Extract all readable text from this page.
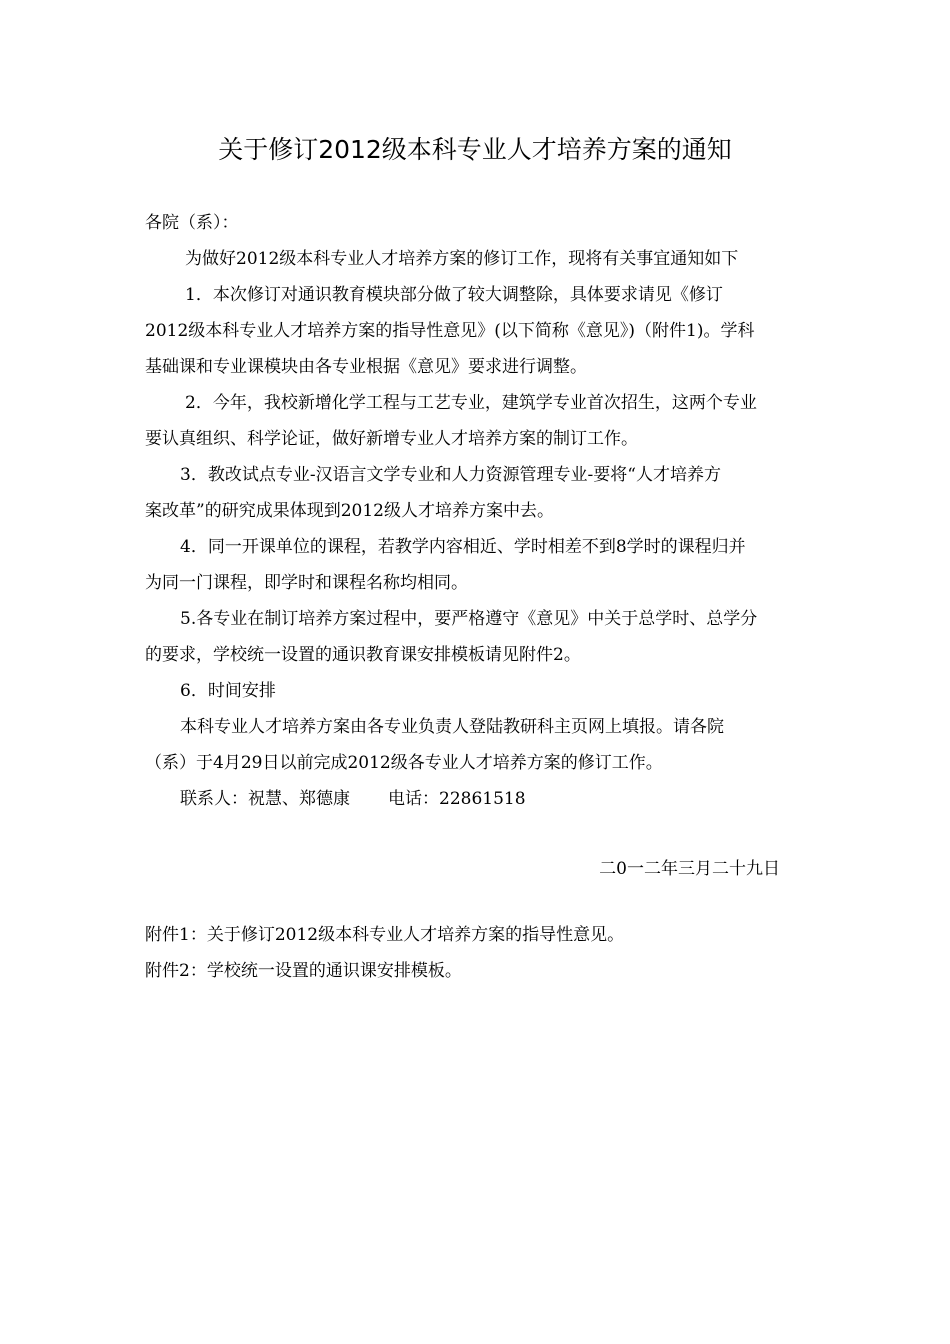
关于修订2012级本科专业人才培养方案的通知
各院（系）：
为做好2012级本科专业人才培养方案的修订工作，现将有关事宜通知如下
1．本次修订对通识教育模块部分做了较大调整除，具体要求请见《修订
2012级本科专业人才培养方案的指导性意见》(以下简称《意见》)（附件1)。学科
基础课和专业课模块由各专业根据《意见》要求进行调整。
2．今年，我校新增化学工程与工艺专业，建筑学专业首次招生，这两个专业
要认真组织、科学论证，做好新增专业人才培养方案的制订工作。
3．教改试点专业-汉语言文学专业和人力资源管理专业-要将“人才培养方
案改革”的研究成果体现到2012级人才培养方案中去。
4．同一开课单位的课程，若教学内容相近、学时相差不到8学时的课程归并
为同一门课程，即学时和课程名称均相同。
5.各专业在制订培养方案过程中，要严格遵守《意见》中关于总学时、总学分
的要求，学校统一设置的通识教育课安排模板请见附件2。
6．时间安排
本科专业人才培养方案由各专业负责人登陆教研科主页网上填报。请各院
（系）于4月29日以前完成2012级各专业人才培养方案的修订工作。
联系人：祝慧、郑德康 电话：22861518
二0一二年三月二十九日
附件1：关于修订2012级本科专业人才培养方案的指导性意见。
附件2：学校统一设置的通识课安排模板。
